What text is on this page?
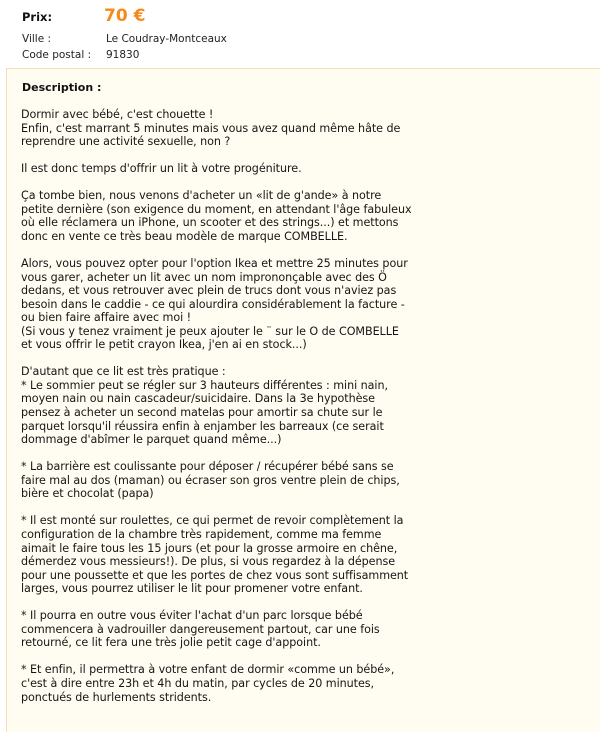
Prix:	70 €
Ville :	Le Coudray-Montceaux
Code postal : 91830
Description :
Dormir avec bébé, c'est chouette !
Enfin, c'est marrant 5 minutes mais vous avez quand même hâte de
reprendre une activité sexuelle, non ?
Il est donc temps d'offrir un lit à votre progéniture.
Ça tombe bien, nous venons d'acheter un «lit de g'ande» à notre
petite dernière (son exigence du moment, en attendant l'âge fabuleux
où elle réclamera un iPhone, un scooter et des strings...) et mettons
donc en vente ce très beau modèle de marque COMBELLE.
Alors, vous pouvez opter pour l'option Ikea et mettre 25 minutes pour
vous garer, acheter un lit avec un nom imprononçable avec des Ö
dedans, et vous retrouver avec plein de trucs dont vous n'aviez pas
besoin dans le caddie - ce qui alourdira considérablement la facture -
ou bien faire affaire avec moi !
(Si vous y tenez vraiment je peux ajouter le ¨ sur le O de COMBELLE
et vous offrir le petit crayon Ikea, j'en ai en stock...)
D'autant que ce lit est très pratique :
* Le sommier peut se régler sur 3 hauteurs différentes : mini nain,
moyen nain ou nain cascadeur/suicidaire. Dans la 3e hypothèse
pensez à acheter un second matelas pour amortir sa chute sur le
parquet lorsqu'il réussira enfin à enjamber les barreaux (ce serait
dommage d'abîmer le parquet quand même...)
* La barrière est coulissante pour déposer / récupérer bébé sans se
faire mal au dos (maman) ou écraser son gros ventre plein de chips,
bière et chocolat (papa)
* Il est monté sur roulettes, ce qui permet de revoir complètement la
configuration de la chambre très rapidement, comme ma femme
aimait le faire tous les 15 jours (et pour la grosse armoire en chêne,
démerdez vous messieurs!). De plus, si vous regardez à la dépense
pour une poussette et que les portes de chez vous sont suffisamment
larges, vous pourrez utiliser le lit pour promener votre enfant.
* Il pourra en outre vous éviter l'achat d'un parc lorsque bébé
commencera à vadrouiller dangereusement partout, car une fois
retourné, ce lit fera une très jolie petit cage d'appoint.
* Et enfin, il permettra à votre enfant de dormir «comme un bébé»,
c'est à dire entre 23h et 4h du matin, par cycles de 20 minutes,
ponctués de hurlements stridents.
